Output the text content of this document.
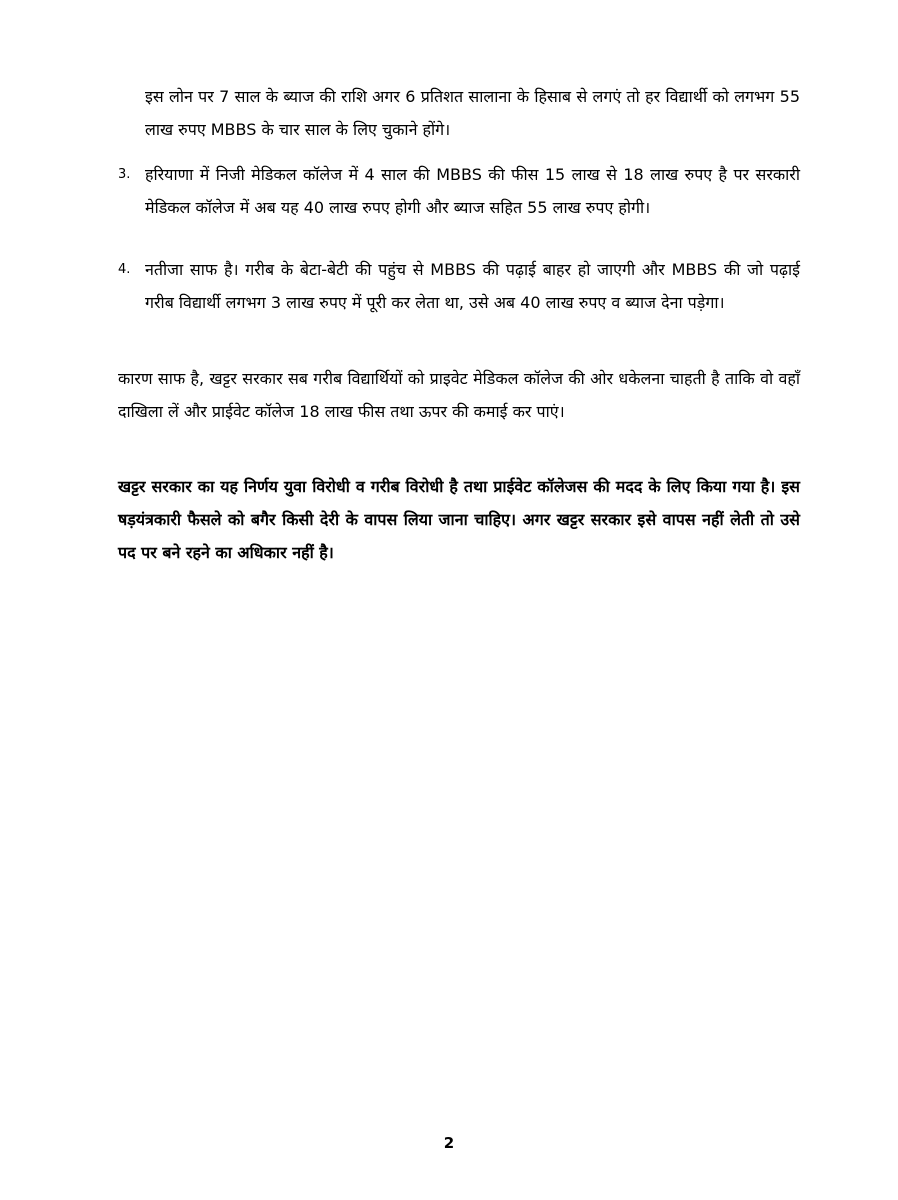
इस लोन पर 7 साल के ब्याज की राशि अगर 6 प्रतिशत सालाना के हिसाब से लगएं तो हर विद्यार्थी को लगभग 55 लाख रुपए MBBS के चार साल के लिए चुकाने होंगे।

3. हरियाणा में निजी मेडिकल कॉलेज में 4 साल की MBBS की फीस 15 लाख से 18 लाख रुपए है पर सरकारी मेडिकल कॉलेज में अब यह 40 लाख रुपए होगी और ब्याज सहित 55 लाख रुपए होगी।
4. नतीजा साफ है। गरीब के बेटा-बेटी की पहुंच से MBBS की पढ़ाई बाहर हो जाएगी और MBBS की जो पढ़ाई गरीब विद्यार्थी लगभग 3 लाख रुपए में पूरी कर लेता था, उसे अब 40 लाख रुपए व ब्याज देना पड़ेगा।

कारण साफ है, खट्टर सरकार सब गरीब विद्यार्थियों को प्राइवेट मेडिकल कॉलेज की ओर धकेलना चाहती है ताकि वो वहाँ दाखिला लें और प्राईवेट कॉलेज 18 लाख फीस तथा ऊपर की कमाई कर पाएं।

खट्टर सरकार का यह निर्णय युवा विरोधी व गरीब विरोधी है तथा प्राईवेट कॉलेजस की मदद के लिए किया गया है। इस षड़यंत्रकारी फैसले को बगैर किसी देरी के वापस लिया जाना चाहिए। अगर खट्टर सरकार इसे वापस नहीं लेती तो उसे पद पर बने रहने का अधिकार नहीं है।

2
